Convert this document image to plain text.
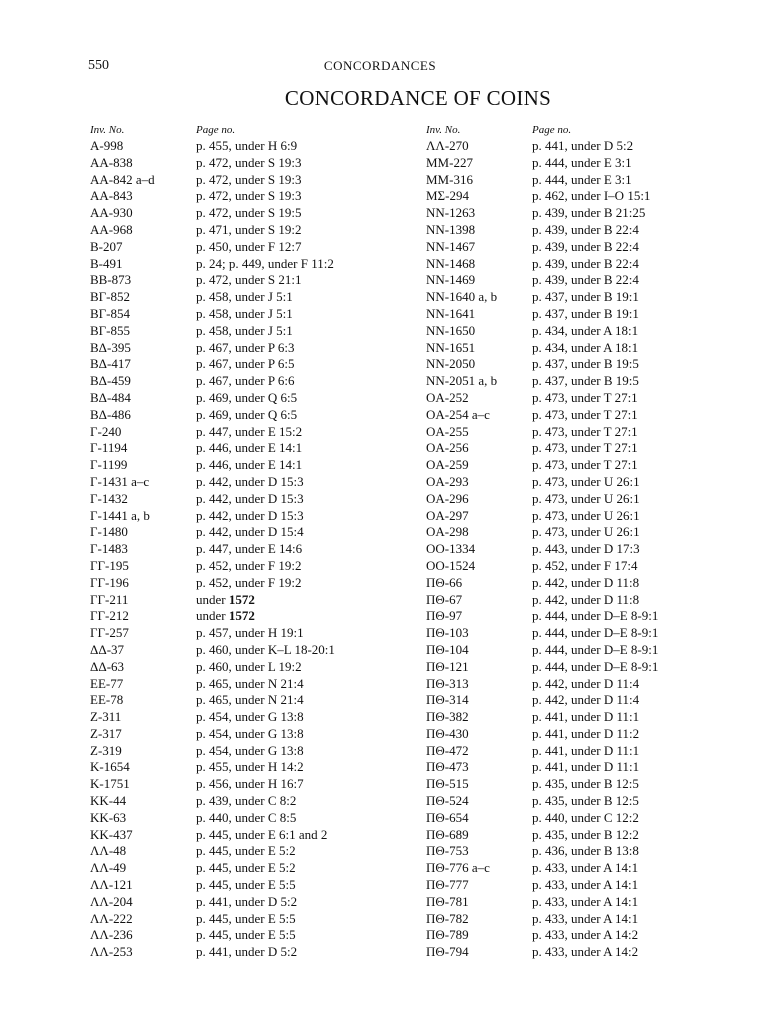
550	CONCORDANCES
CONCORDANCE OF COINS
Inv. No.	Page no.
A-998	p. 455, under H 6:9
AA-838	p. 472, under S 19:3
AA-842 a–d	p. 472, under S 19:3
AA-843	p. 472, under S 19:3
AA-930	p. 472, under S 19:5
AA-968	p. 471, under S 19:2
B-207	p. 450, under F 12:7
B-491	p. 24; p. 449, under F 11:2
BB-873	p. 472, under S 21:1
BΓ-852	p. 458, under J 5:1
BΓ-854	p. 458, under J 5:1
BΓ-855	p. 458, under J 5:1
BΔ-395	p. 467, under P 6:3
BΔ-417	p. 467, under P 6:5
BΔ-459	p. 467, under P 6:6
BΔ-484	p. 469, under Q 6:5
BΔ-486	p. 469, under Q 6:5
Γ-240	p. 447, under E 15:2
Γ-1194	p. 446, under E 14:1
Γ-1199	p. 446, under E 14:1
Γ-1431 a–c	p. 442, under D 15:3
Γ-1432	p. 442, under D 15:3
Γ-1441 a, b	p. 442, under D 15:3
Γ-1480	p. 442, under D 15:4
Γ-1483	p. 447, under E 14:6
ΓΓ-195	p. 452, under F 19:2
ΓΓ-196	p. 452, under F 19:2
ΓΓ-211	under 1572
ΓΓ-212	under 1572
ΓΓ-257	p. 457, under H 19:1
ΔΔ-37	p. 460, under K–L 18-20:1
ΔΔ-63	p. 460, under L 19:2
EE-77	p. 465, under N 21:4
EE-78	p. 465, under N 21:4
Z-311	p. 454, under G 13:8
Z-317	p. 454, under G 13:8
Z-319	p. 454, under G 13:8
K-1654	p. 455, under H 14:2
K-1751	p. 456, under H 16:7
KK-44	p. 439, under C 8:2
KK-63	p. 440, under C 8:5
KK-437	p. 445, under E 6:1 and 2
ΛΛ-48	p. 445, under E 5:2
ΛΛ-49	p. 445, under E 5:2
ΛΛ-121	p. 445, under E 5:5
ΛΛ-204	p. 441, under D 5:2
ΛΛ-222	p. 445, under E 5:5
ΛΛ-236	p. 445, under E 5:5
ΛΛ-253	p. 441, under D 5:2
Inv. No.	Page no.
ΛΛ-270	p. 441, under D 5:2
MM-227	p. 444, under E 3:1
MM-316	p. 444, under E 3:1
MΣ-294	p. 462, under I–O 15:1
NN-1263	p. 439, under B 21:25
NN-1398	p. 439, under B 22:4
NN-1467	p. 439, under B 22:4
NN-1468	p. 439, under B 22:4
NN-1469	p. 439, under B 22:4
NN-1640 a, b	p. 437, under B 19:1
NN-1641	p. 437, under B 19:1
NN-1650	p. 434, under A 18:1
NN-1651	p. 434, under A 18:1
NN-2050	p. 437, under B 19:5
NN-2051 a, b	p. 437, under B 19:5
OA-252	p. 473, under T 27:1
OA-254 a–c	p. 473, under T 27:1
OA-255	p. 473, under T 27:1
OA-256	p. 473, under T 27:1
OA-259	p. 473, under T 27:1
OA-293	p. 473, under U 26:1
OA-296	p. 473, under U 26:1
OA-297	p. 473, under U 26:1
OA-298	p. 473, under U 26:1
OO-1334	p. 443, under D 17:3
OO-1524	p. 452, under F 17:4
ΠΘ-66	p. 442, under D 11:8
ΠΘ-67	p. 442, under D 11:8
ΠΘ-97	p. 444, under D–E 8-9:1
ΠΘ-103	p. 444, under D–E 8-9:1
ΠΘ-104	p. 444, under D–E 8-9:1
ΠΘ-121	p. 444, under D–E 8-9:1
ΠΘ-313	p. 442, under D 11:4
ΠΘ-314	p. 442, under D 11:4
ΠΘ-382	p. 441, under D 11:1
ΠΘ-430	p. 441, under D 11:2
ΠΘ-472	p. 441, under D 11:1
ΠΘ-473	p. 441, under D 11:1
ΠΘ-515	p. 435, under B 12:5
ΠΘ-524	p. 435, under B 12:5
ΠΘ-654	p. 440, under C 12:2
ΠΘ-689	p. 435, under B 12:2
ΠΘ-753	p. 436, under B 13:8
ΠΘ-776 a–c	p. 433, under A 14:1
ΠΘ-777	p. 433, under A 14:1
ΠΘ-781	p. 433, under A 14:1
ΠΘ-782	p. 433, under A 14:1
ΠΘ-789	p. 433, under A 14:2
ΠΘ-794	p. 433, under A 14:2
